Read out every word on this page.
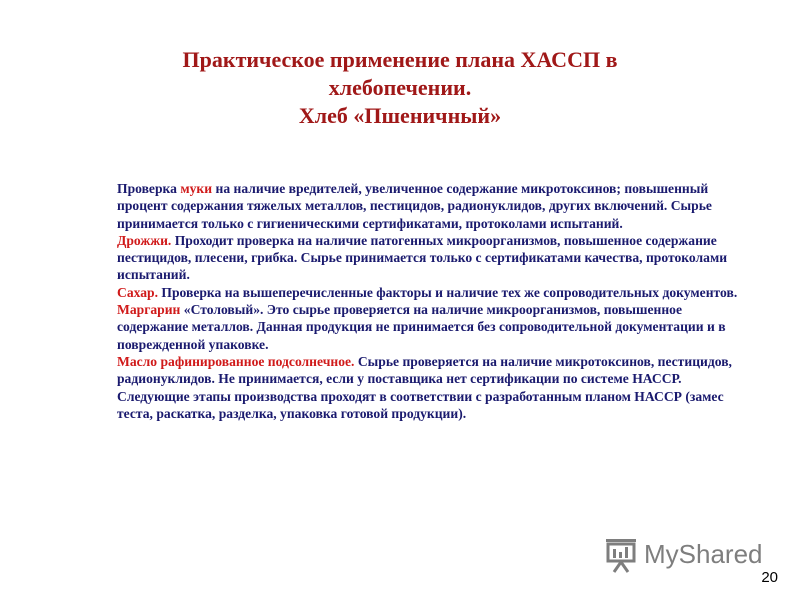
Практическое применение плана ХАССП в
хлебопечении.
Хлеб «Пшеничный»

Проверка муки на наличие вредителей, увеличенное содержание микротоксинов; повышенный процент содержания тяжелых металлов, пестицидов, радионуклидов, других включений. Сырье принимается только с гигиеническими сертификатами, протоколами испытаний.

Дрожжи. Проходит проверка на наличие патогенных микроорганизмов, повышенное содержание пестицидов, плесени, грибка. Сырье принимается только с сертификатами качества, протоколами испытаний.

Сахар. Проверка на вышеперечисленные факторы и наличие тех же сопроводительных документов.

Маргарин «Столовый». Это сырье проверяется на наличие микроорганизмов, повышенное содержание металлов. Данная продукция не принимается без сопроводительной документации и в поврежденной упаковке.

Масло рафинированное подсолнечное. Сырье проверяется на наличие микротоксинов, пестицидов, радионуклидов. Не принимается, если у поставщика нет сертификации по системе НАССР.

Следующие этапы производства проходят в соответствии с разработанным планом НАССР (замес теста, раскатка, разделка, упаковка готовой продукции).

MyShared
20
